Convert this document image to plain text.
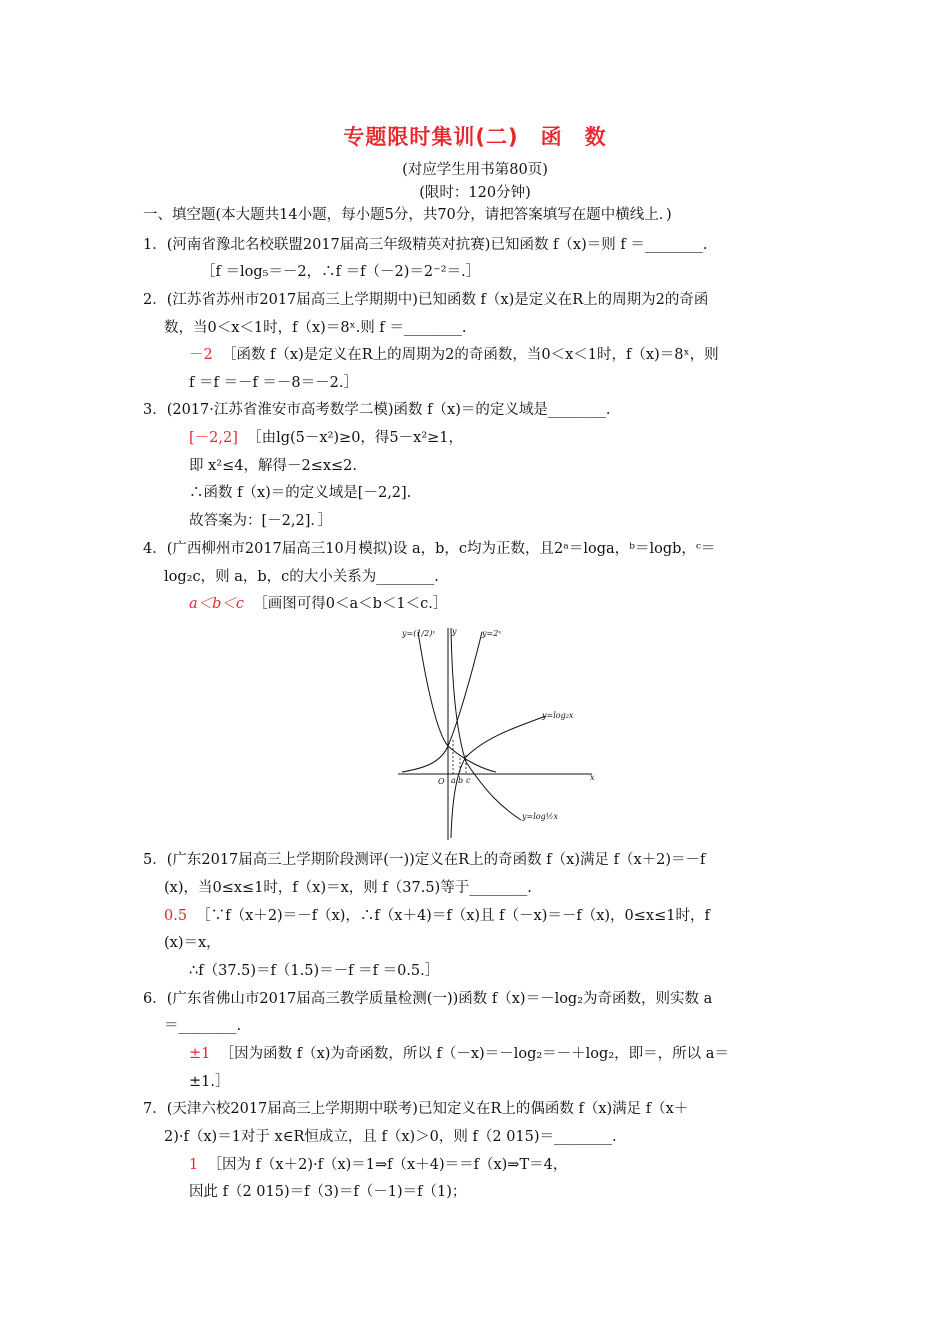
专题限时集训(二)　函　数
(对应学生用书第80页)
(限时：120分钟)
一、填空题(本大题共14小题，每小题5分，共70分，请把答案填写在题中横线上．)
1．(河南省豫北名校联盟2017届高三年级精英对抗赛)已知函数 f（x)＝则 f ＝________.
［f ＝log₅＝－2，∴f ＝f（－2)＝2⁻²＝.］
2．(江苏省苏州市2017届高三上学期期中)已知函数 f（x)是定义在R上的周期为2的奇函
数，当0＜x＜1时，f（x)＝8ˣ.则 f ＝________.
－2 ［函数 f（x)是定义在R上的周期为2的奇函数，当0＜x＜1时，f（x)＝8ˣ，则
f ＝f ＝－f ＝－8＝－2.］
3．(2017·江苏省淮安市高考数学二模)函数 f（x)＝的定义域是________.
[－2,2] ［由lg(5－x²)≥0，得5－x²≥1，
即 x²≤4，解得－2≤x≤2.
∴函数 f（x)＝的定义域是[－2,2].
故答案为：[－2,2]．］
4．(广西柳州市2017届高三10月模拟)设 a，b，c均为正数，且2ᵃ＝loga，ᵇ＝logb，ᶜ＝
log₂c，则 a，b，c的大小关系为________.
a＜b＜c ［画图可得0＜a＜b＜1＜c.］
y=(1/2)ˣ	y=2ˣ
y=log₂x
y=log½x
x
y
O a b c
5．(广东2017届高三上学期阶段测评(一))定义在R上的奇函数 f（x)满足 f（x＋2)＝－f
(x)，当0≤x≤1时，f（x)＝x，则 f（37.5)等于________.
0.5 ［∵f（x＋2)＝－f（x)，∴f（x＋4)＝f（x)且 f（－x)＝－f（x)，0≤x≤1时，f
(x)＝x，
∴f（37.5)＝f（1.5)＝－f ＝f ＝0.5.］
6．(广东省佛山市2017届高三教学质量检测(一))函数 f（x)＝－log₂为奇函数，则实数 a
＝________.
±1 ［因为函数 f（x)为奇函数，所以 f（－x)＝－log₂＝－＋log₂，即＝，所以 a＝
±1.］
7．(天津六校2017届高三上学期期中联考)已知定义在R上的偶函数 f（x)满足 f（x＋
2)·f（x)＝1对于 x∈R恒成立，且 f（x)＞0，则 f（2 015)＝________.
1 ［因为 f（x＋2)·f（x)＝1⇒f（x＋4)＝＝f（x)⇒T＝4，
因此 f（2 015)＝f（3)＝f（－1)＝f（1)；
